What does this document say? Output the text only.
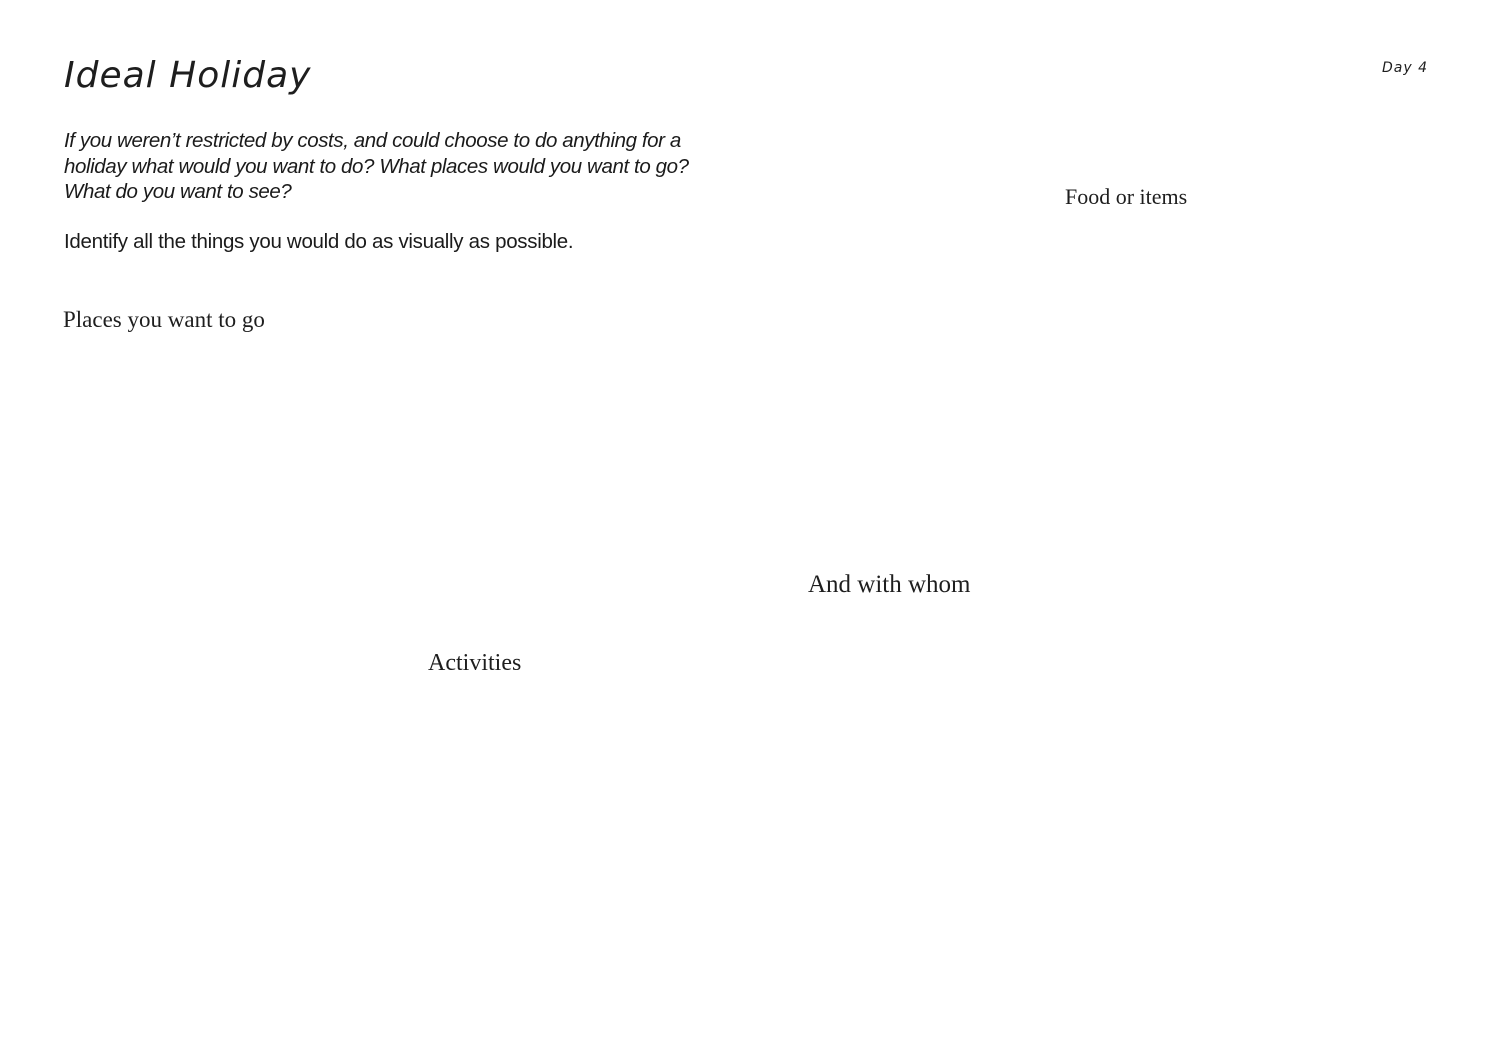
Ideal Holiday	Day 4

If you weren’t restricted by costs, and could choose to do anything for a holiday what would you want to do? What places would you want to go? What do you want to see?

Identify all the things you would do as visually as possible.

Places you want to go
Food or items
And with whom
Activities
